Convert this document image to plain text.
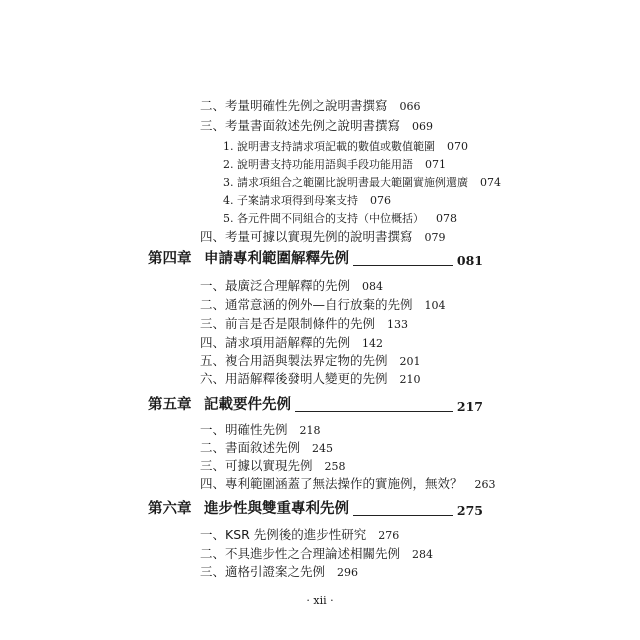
二、考量明確性先例之說明書撰寫 066
三、考量書面敘述先例之說明書撰寫 069
1. 說明書支持請求項記載的數值或數值範圍 070
2. 說明書支持功能用語與手段功能用語 071
3. 請求項組合之範圍比說明書最大範圍實施例還廣 074
4. 子案請求項得到母案支持 076
5. 各元件間不同組合的支持（中位概括） 078
四、考量可據以實現先例的說明書撰寫 079
第四章 申請專利範圍解釋先例	081
一、最廣泛合理解釋的先例 084
二、通常意涵的例外—自行放棄的先例 104
三、前言是否是限制條件的先例 133
四、請求項用語解釋的先例 142
五、複合用語與製法界定物的先例 201
六、用語解釋後發明人變更的先例 210
第五章 記載要件先例	217
一、明確性先例 218
二、書面敘述先例 245
三、可據以實現先例 258
四、專利範圍涵蓋了無法操作的實施例，無效？ 263
第六章 進步性與雙重專利先例	275
一、KSR 先例後的進步性研究 276
二、不具進步性之合理論述相關先例 284
三、適格引證案之先例 296
· xii ·
